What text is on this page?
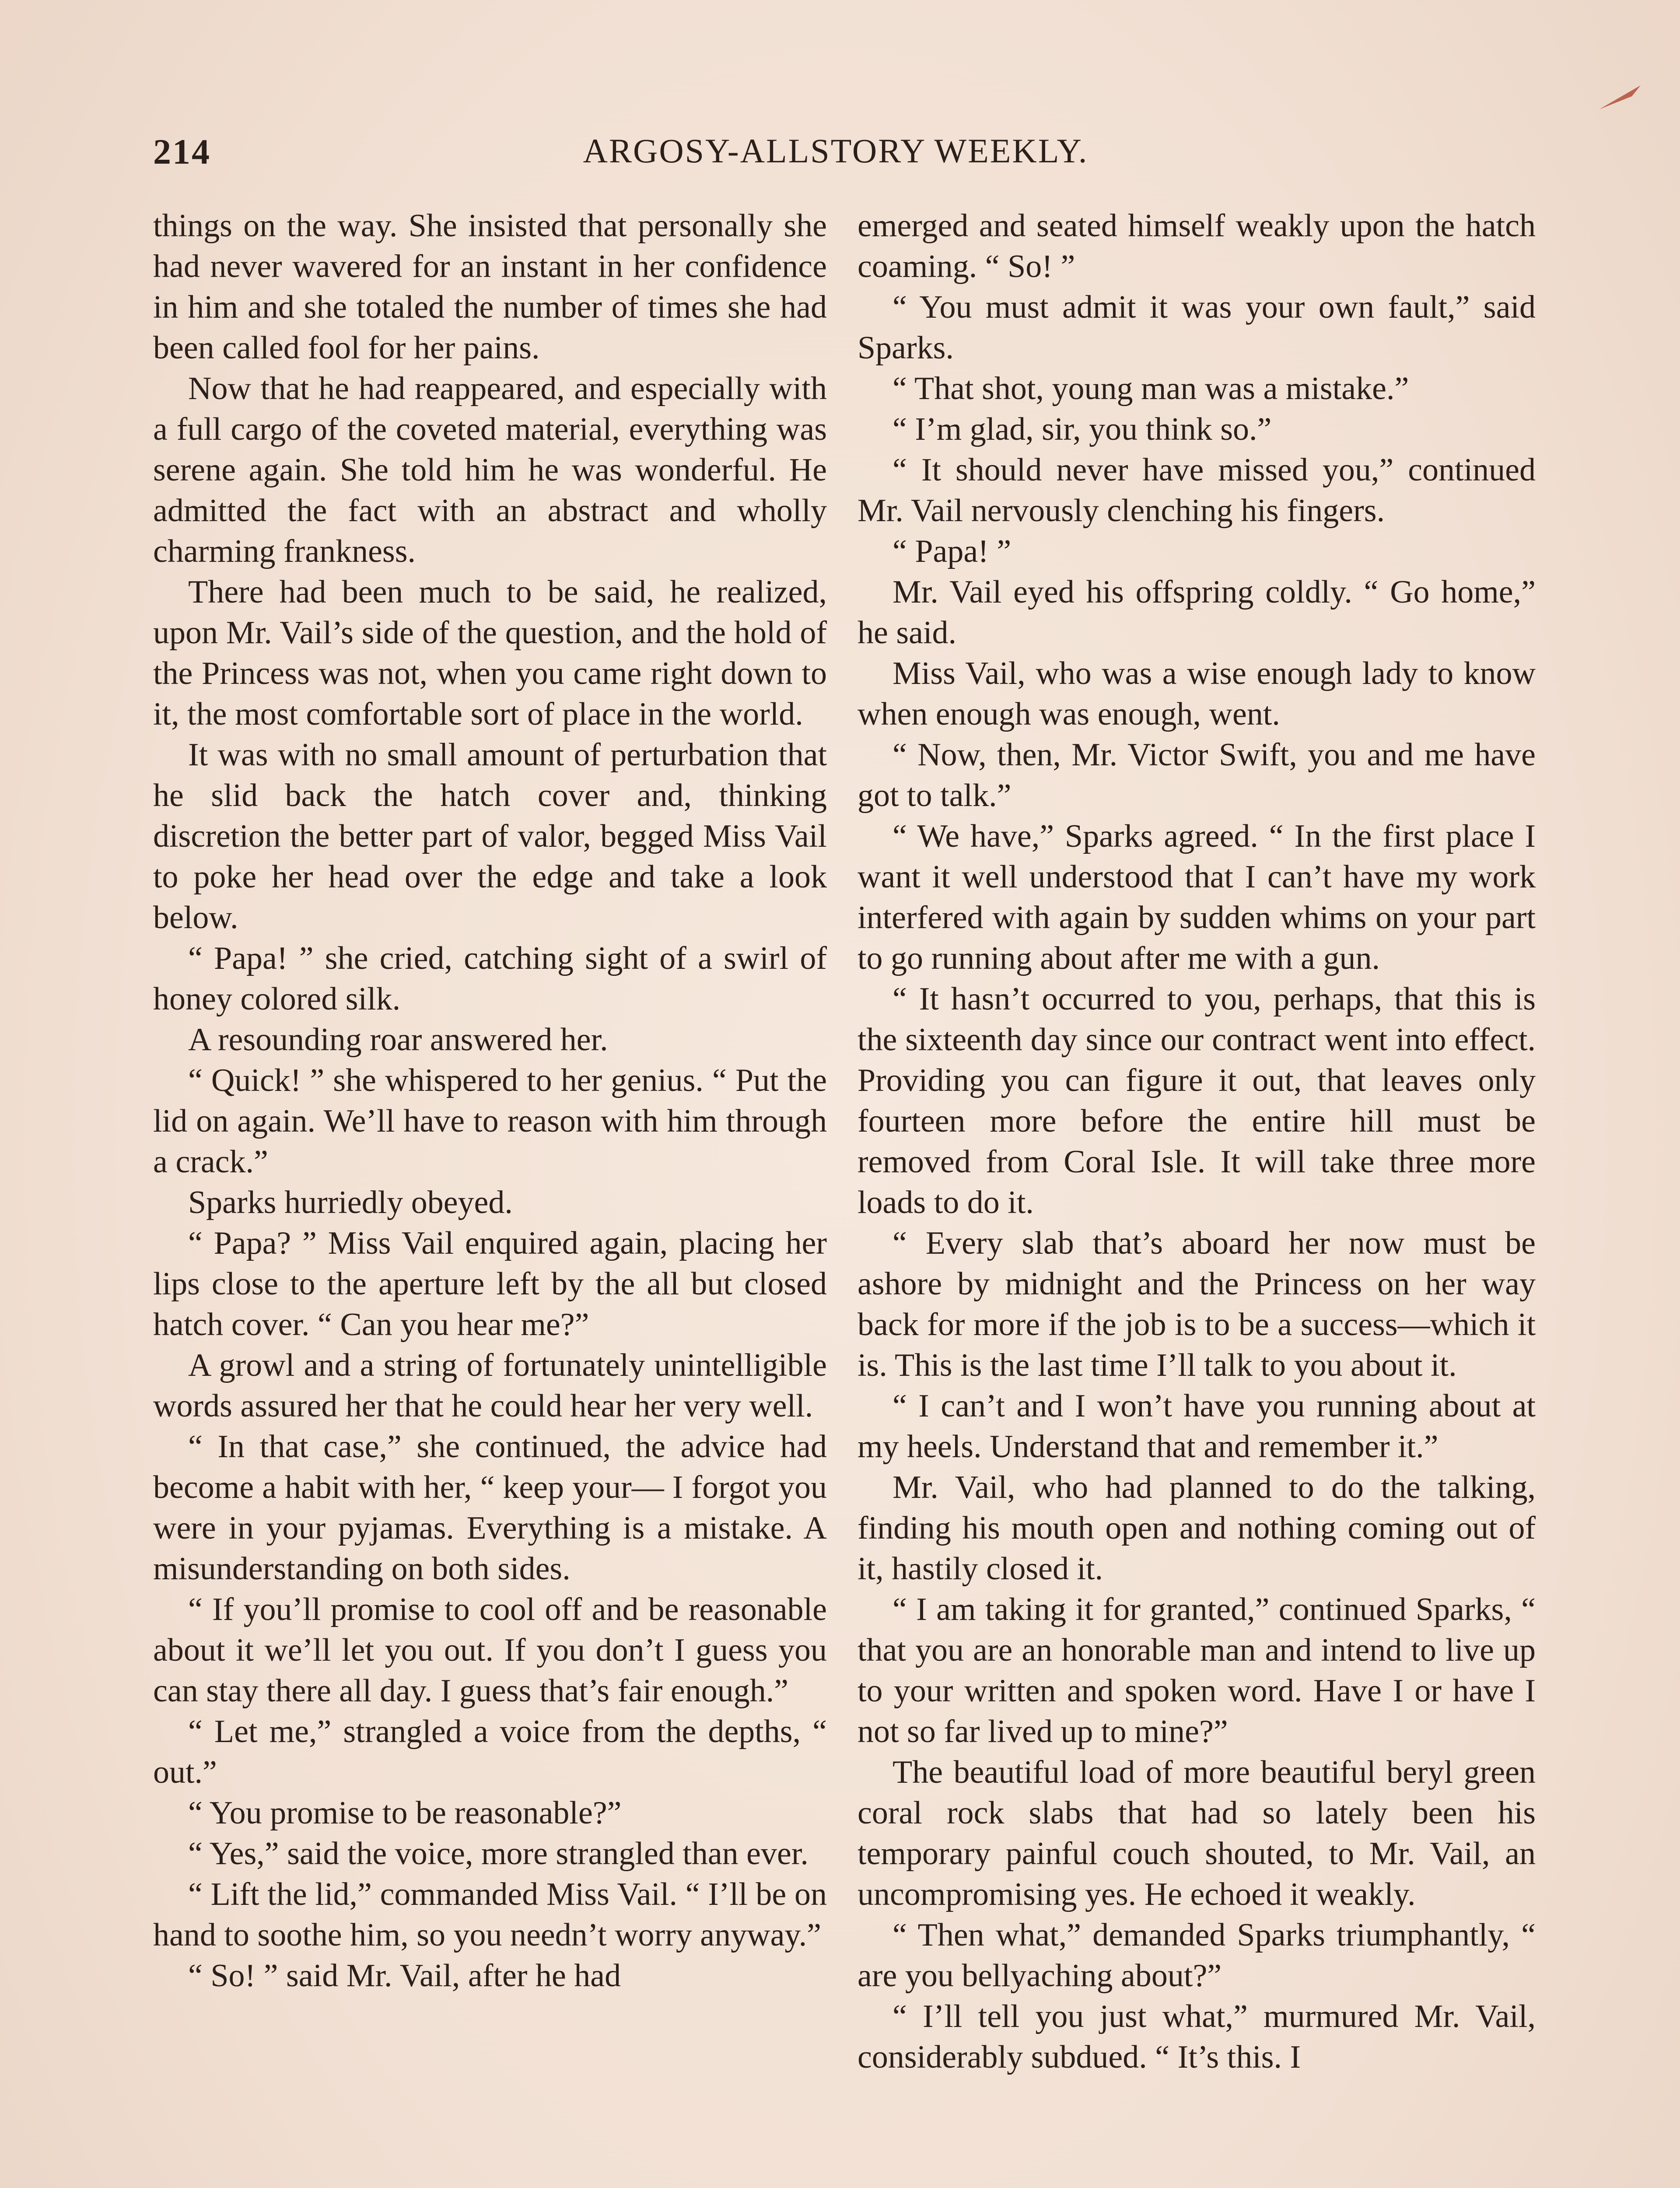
214	ARGOSY-ALLSTORY WEEKLY.

things on the way. She insisted that personally she had never wavered for an instant in her confidence in him and she totaled the number of times she had been called fool for her pains.

Now that he had reappeared, and especially with a full cargo of the coveted material, everything was serene again. She told him he was wonderful. He admitted the fact with an abstract and wholly charming frankness.

There had been much to be said, he realized, upon Mr. Vail’s side of the question, and the hold of the Princess was not, when you came right down to it, the most comfortable sort of place in the world.

It was with no small amount of perturbation that he slid back the hatch cover and, thinking discretion the better part of valor, begged Miss Vail to poke her head over the edge and take a look below.

“ Papa! ” she cried, catching sight of a swirl of honey colored silk.

A resounding roar answered her.

“ Quick! ” she whispered to her genius. “ Put the lid on again. We’ll have to reason with him through a crack.”

Sparks hurriedly obeyed.

“ Papa? ” Miss Vail enquired again, placing her lips close to the aperture left by the all but closed hatch cover. “ Can you hear me?”

A growl and a string of fortunately unintelligible words assured her that he could hear her very well.

“ In that case,” she continued, the advice had become a habit with her, “ keep your— I forgot you were in your pyjamas. Everything is a mistake. A misunderstanding on both sides.

“ If you’ll promise to cool off and be reasonable about it we’ll let you out. If you don’t I guess you can stay there all day. I guess that’s fair enough.”

“ Let me,” strangled a voice from the depths, “ out.”

“ You promise to be reasonable?”

“ Yes,” said the voice, more strangled than ever.

“ Lift the lid,” commanded Miss Vail. “ I’ll be on hand to soothe him, so you needn’t worry anyway.”

“ So! ” said Mr. Vail, after he had

emerged and seated himself weakly upon the hatch coaming. “ So! ”

“ You must admit it was your own fault,” said Sparks.

“ That shot, young man was a mistake.”

“ I’m glad, sir, you think so.”

“ It should never have missed you,” continued Mr. Vail nervously clenching his fingers.

“ Papa! ”

Mr. Vail eyed his offspring coldly. “ Go home,” he said.

Miss Vail, who was a wise enough lady to know when enough was enough, went.

“ Now, then, Mr. Victor Swift, you and me have got to talk.”

“ We have,” Sparks agreed. “ In the first place I want it well understood that I can’t have my work interfered with again by sudden whims on your part to go running about after me with a gun.

“ It hasn’t occurred to you, perhaps, that this is the sixteenth day since our contract went into effect. Providing you can figure it out, that leaves only fourteen more before the entire hill must be removed from Coral Isle. It will take three more loads to do it.

“ Every slab that’s aboard her now must be ashore by midnight and the Princess on her way back for more if the job is to be a success—which it is. This is the last time I’ll talk to you about it.

“ I can’t and I won’t have you running about at my heels. Understand that and remember it.”

Mr. Vail, who had planned to do the talking, finding his mouth open and nothing coming out of it, hastily closed it.

“ I am taking it for granted,” continued Sparks, “ that you are an honorable man and intend to live up to your written and spoken word. Have I or have I not so far lived up to mine?”

The beautiful load of more beautiful beryl green coral rock slabs that had so lately been his temporary painful couch shouted, to Mr. Vail, an uncompromising yes. He echoed it weakly.

“ Then what,” demanded Sparks triumphantly, “ are you bellyaching about?”

“ I’ll tell you just what,” murmured Mr. Vail, considerably subdued. “ It’s this. I
